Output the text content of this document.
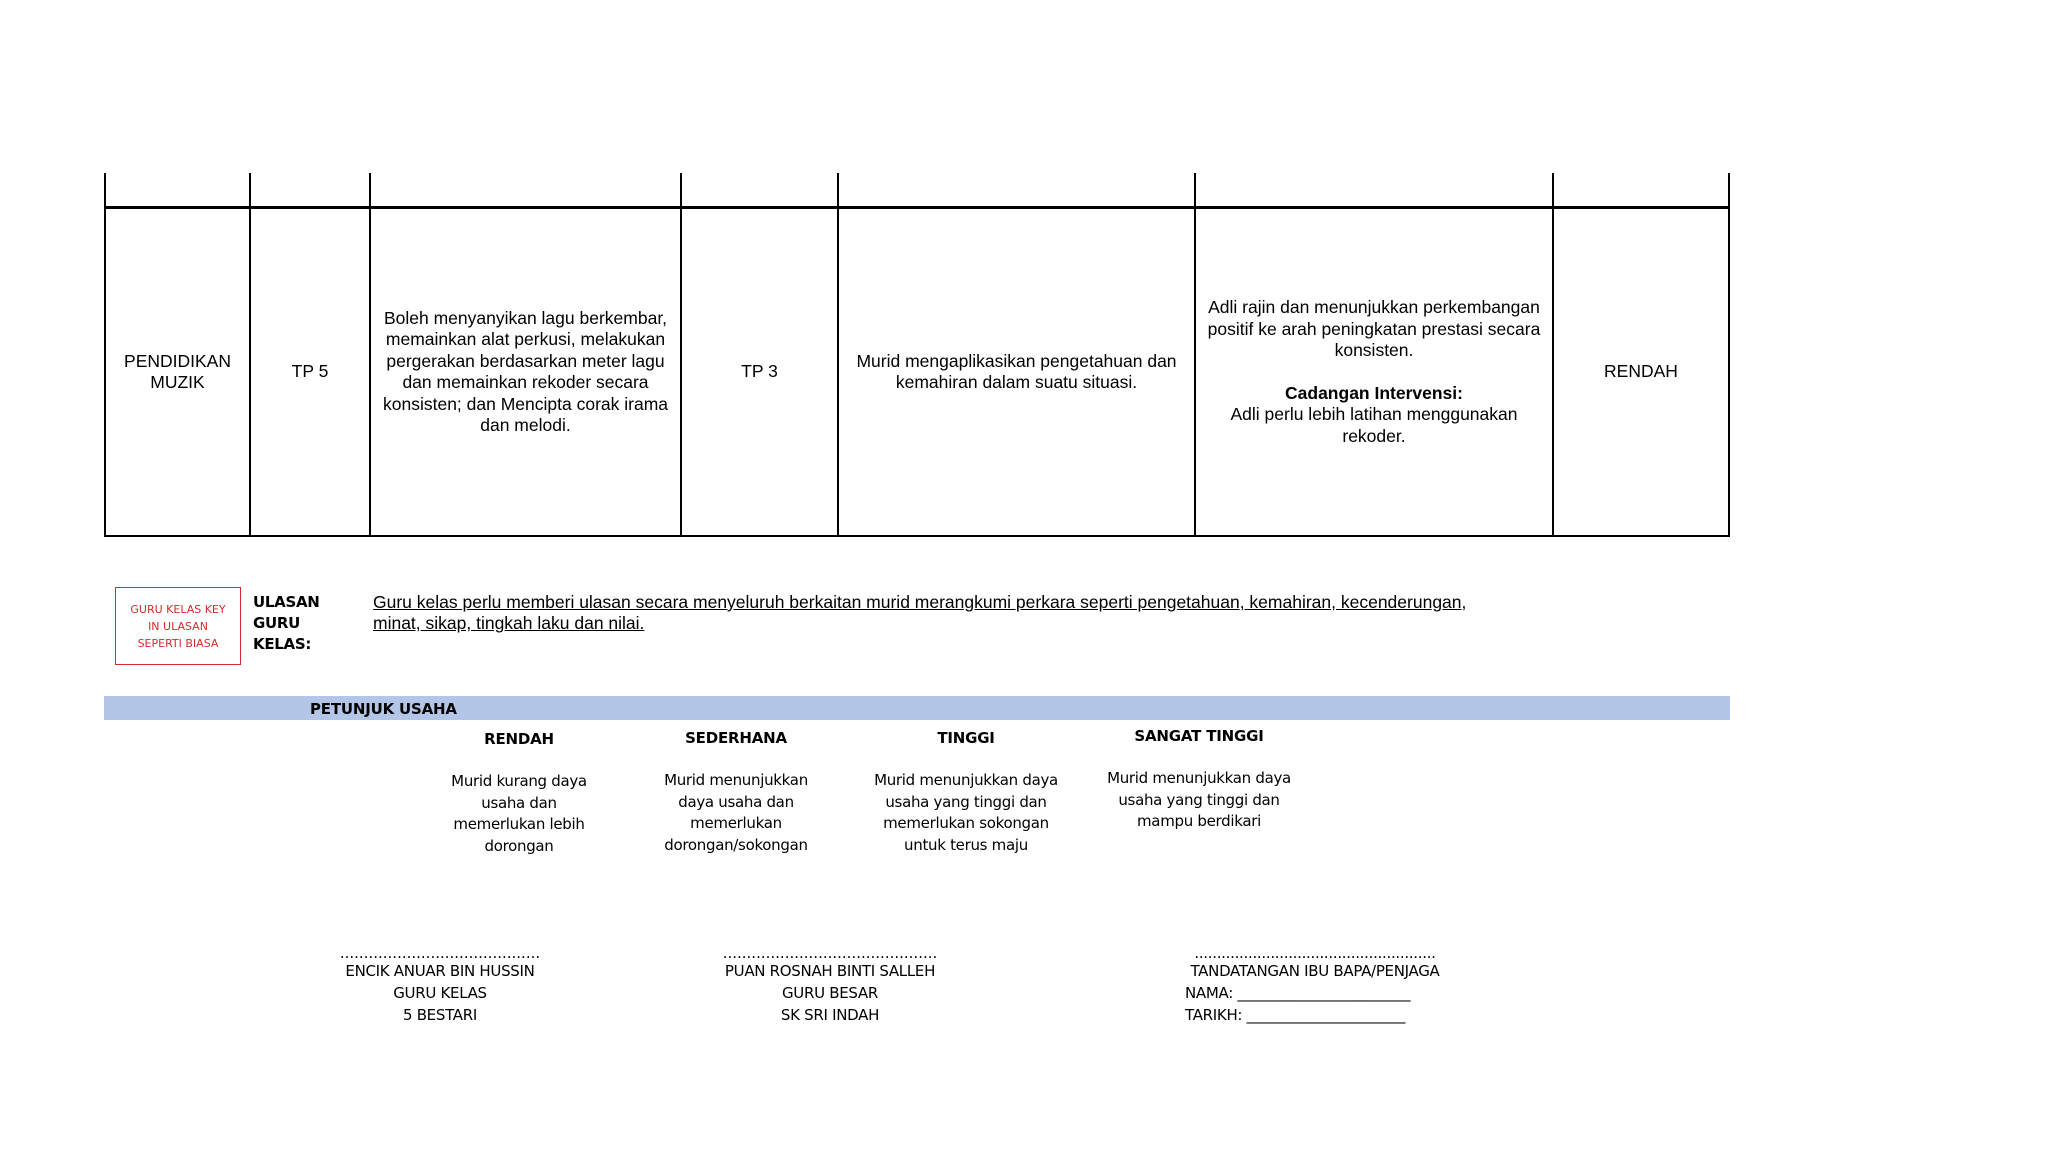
PENDIDIKAN MUZIK
TP 5
Boleh menyanyikan lagu berkembar, memainkan alat perkusi, melakukan pergerakan berdasarkan meter lagu dan memainkan rekoder secara konsisten; dan Mencipta corak irama dan melodi.
TP 3
Murid mengaplikasikan pengetahuan dan kemahiran dalam suatu situasi.
Adli rajin dan menunjukkan perkembangan positif ke arah peningkatan prestasi secara konsisten.
Cadangan Intervensi:
Adli perlu lebih latihan menggunakan rekoder.
RENDAH
GURU KELAS KEY
IN ULASAN
SEPERTI BIASA
ULASAN GURU
KELAS:
Guru kelas perlu memberi ulasan secara menyeluruh berkaitan murid merangkumi perkara seperti pengetahuan, kemahiran, kecenderungan,
minat, sikap, tingkah laku dan nilai.
PETUNJUK USAHA
RENDAH
Murid kurang daya
usaha dan
memerlukan lebih
dorongan
SEDERHANA
Murid menunjukkan
daya usaha dan
memerlukan
dorongan/sokongan
TINGGI
Murid menunjukkan daya
usaha yang tinggi dan
memerlukan sokongan
untuk terus maju
SANGAT TINGGI
Murid menunjukkan daya
usaha yang tinggi dan
mampu berdikari
..........................................
ENCIK ANUAR BIN HUSSIN
GURU KELAS
5 BESTARI
.............................................
PUAN ROSNAH BINTI SALLEH
GURU BESAR
SK SRI INDAH
......................................................
TANDATANGAN IBU BAPA/PENJAGA
NAMA: ________________________
TARIKH: ______________________
